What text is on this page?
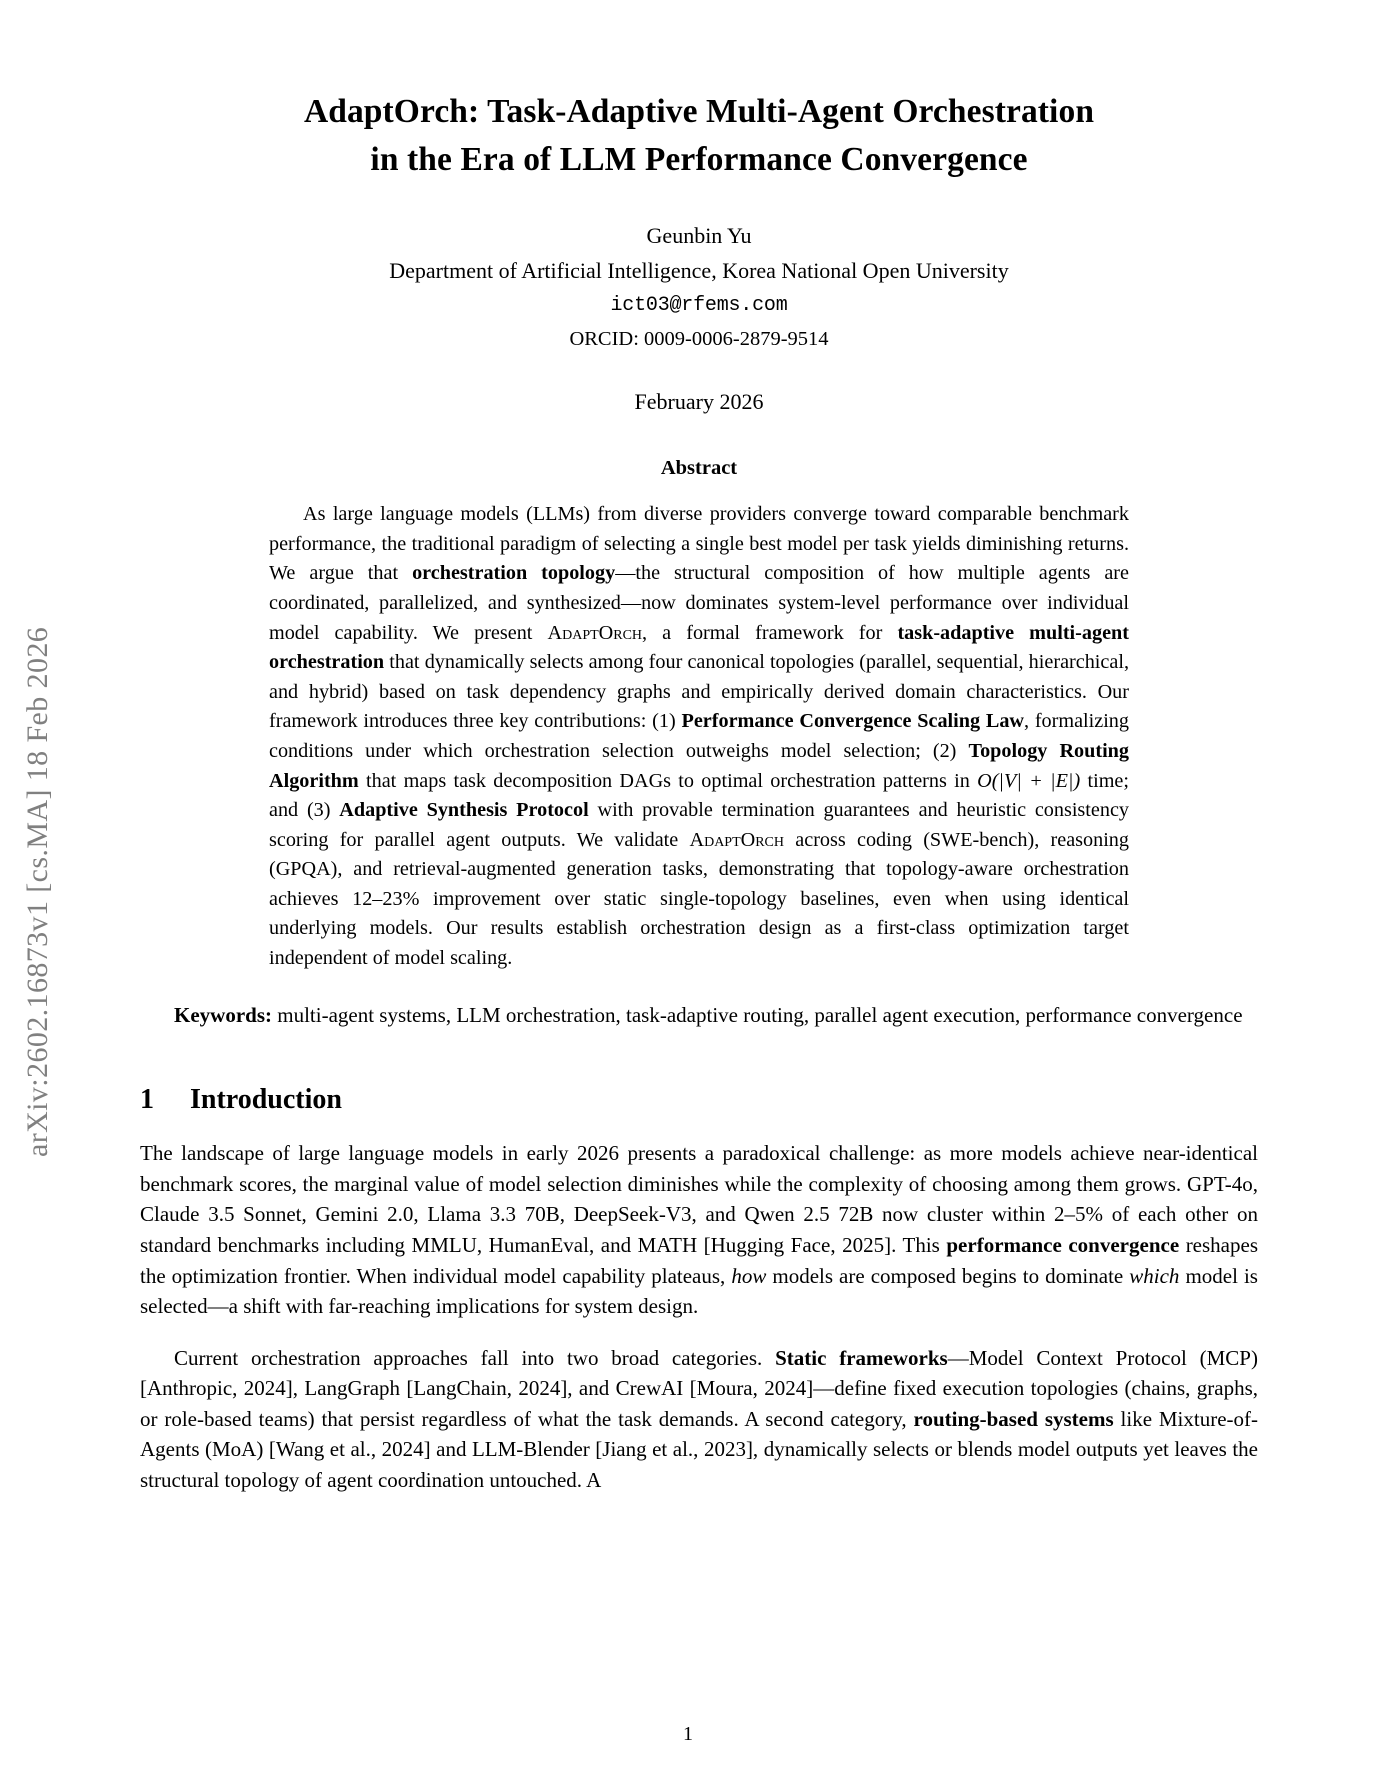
arXiv:2602.16873v1 [cs.MA] 18 Feb 2026
AdaptOrch: Task-Adaptive Multi-Agent Orchestration
in the Era of LLM Performance Convergence
Geunbin Yu
Department of Artificial Intelligence, Korea National Open University
ict03@rfems.com
ORCID: 0009-0006-2879-9514
February 2026
Abstract

As large language models (LLMs) from diverse providers converge toward comparable benchmark performance, the traditional paradigm of selecting a single best model per task yields diminishing returns. We argue that orchestration topology—the structural composition of how multiple agents are coordinated, parallelized, and synthesized—now dominates system-level performance over individual model capability. We present AdaptOrch, a formal framework for task-adaptive multi-agent orchestration that dynamically selects among four canonical topologies (parallel, sequential, hierarchical, and hybrid) based on task dependency graphs and empirically derived domain characteristics. Our framework introduces three key contributions: (1) Performance Convergence Scaling Law, formalizing conditions under which orchestration selection outweighs model selection; (2) Topology Routing Algorithm that maps task decomposition DAGs to optimal orchestration patterns in O(|V| + |E|) time; and (3) Adaptive Synthesis Protocol with provable termination guarantees and heuristic consistency scoring for parallel agent outputs. We validate AdaptOrch across coding (SWE-bench), reasoning (GPQA), and retrieval-augmented generation tasks, demonstrating that topology-aware orchestration achieves 12–23% improvement over static single-topology baselines, even when using identical underlying models. Our results establish orchestration design as a first-class optimization target independent of model scaling.

Keywords: multi-agent systems, LLM orchestration, task-adaptive routing, parallel agent execution, performance convergence

1 Introduction

The landscape of large language models in early 2026 presents a paradoxical challenge: as more models achieve near-identical benchmark scores, the marginal value of model selection diminishes while the complexity of choosing among them grows. GPT-4o, Claude 3.5 Sonnet, Gemini 2.0, Llama 3.3 70B, DeepSeek-V3, and Qwen 2.5 72B now cluster within 2–5% of each other on standard benchmarks including MMLU, HumanEval, and MATH [Hugging Face, 2025]. This performance convergence reshapes the optimization frontier. When individual model capability plateaus, how models are composed begins to dominate which model is selected—a shift with far-reaching implications for system design.

Current orchestration approaches fall into two broad categories. Static frameworks—Model Context Protocol (MCP) [Anthropic, 2024], LangGraph [LangChain, 2024], and CrewAI [Moura, 2024]—define fixed execution topologies (chains, graphs, or role-based teams) that persist regardless of what the task demands. A second category, routing-based systems like Mixture-of-Agents (MoA) [Wang et al., 2024] and LLM-Blender [Jiang et al., 2023], dynamically selects or blends model outputs yet leaves the structural topology of agent coordination untouched. A

1
